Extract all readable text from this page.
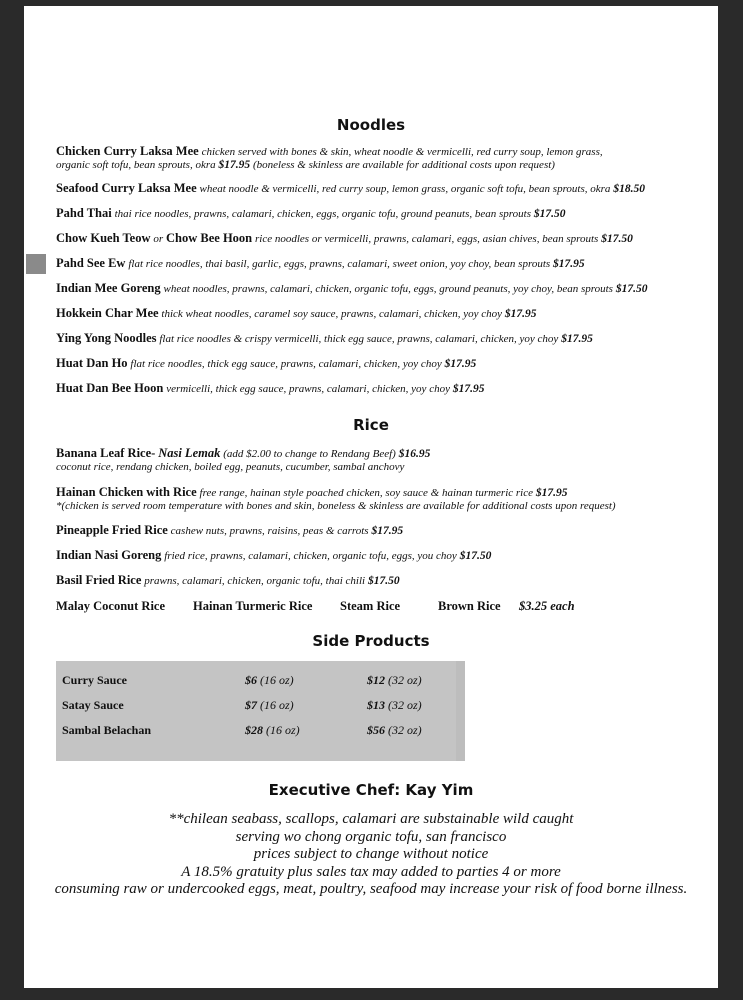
Noodles
Chicken Curry Laksa Mee chicken served with bones & skin, wheat noodle & vermicelli, red curry soup, lemon grass,
organic soft tofu, bean sprouts, okra $17.95 (boneless & skinless are available for additional costs upon request)
Seafood Curry Laksa Mee wheat noodle & vermicelli, red curry soup, lemon grass, organic soft tofu, bean sprouts, okra $18.50
Pahd Thai thai rice noodles, prawns, calamari, chicken, eggs, organic tofu, ground peanuts, bean sprouts $17.50
Chow Kueh Teow or Chow Bee Hoon rice noodles or vermicelli, prawns, calamari, eggs, asian chives, bean sprouts $17.50
Pahd See Ew flat rice noodles, thai basil, garlic, eggs, prawns, calamari, sweet onion, yoy choy, bean sprouts $17.95
Indian Mee Goreng wheat noodles, prawns, calamari, chicken, organic tofu, eggs, ground peanuts, yoy choy, bean sprouts $17.50
Hokkein Char Mee thick wheat noodles, caramel soy sauce, prawns, calamari, chicken, yoy choy $17.95
Ying Yong Noodles flat rice noodles & crispy vermicelli, thick egg sauce, prawns, calamari, chicken, yoy choy $17.95
Huat Dan Ho flat rice noodles, thick egg sauce, prawns, calamari, chicken, yoy choy $17.95
Huat Dan Bee Hoon vermicelli, thick egg sauce, prawns, calamari, chicken, yoy choy $17.95
Rice
Banana Leaf Rice- Nasi Lemak (add $2.00 to change to Rendang Beef) $16.95
coconut rice, rendang chicken, boiled egg, peanuts, cucumber, sambal anchovy
Hainan Chicken with Rice free range, hainan style poached chicken, soy sauce & hainan turmeric rice $17.95
*(chicken is served room temperature with bones and skin, boneless & skinless are available for additional costs upon request)
Pineapple Fried Rice cashew nuts, prawns, raisins, peas & carrots $17.95
Indian Nasi Goreng fried rice, prawns, calamari, chicken, organic tofu, eggs, you choy $17.50
Basil Fried Rice prawns, calamari, chicken, organic tofu, thai chili $17.50
Malay Coconut Rice Hainan Turmeric Rice Steam Rice	Brown Rice $3.25 each
Side Products
Curry Sauce	$6 (16 oz)	$12 (32 oz)
Satay Sauce	$7 (16 oz)	$13 (32 oz)
Sambal Belachan	$28 (16 oz)	$56 (32 oz)
Executive Chef: Kay Yim
**chilean seabass, scallops, calamari are substainable wild caught
serving wo chong organic tofu, san francisco
prices subject to change without notice
A 18.5% gratuity plus sales tax may added to parties 4 or more
consuming raw or undercooked eggs, meat, poultry, seafood may increase your risk of food borne illness.
